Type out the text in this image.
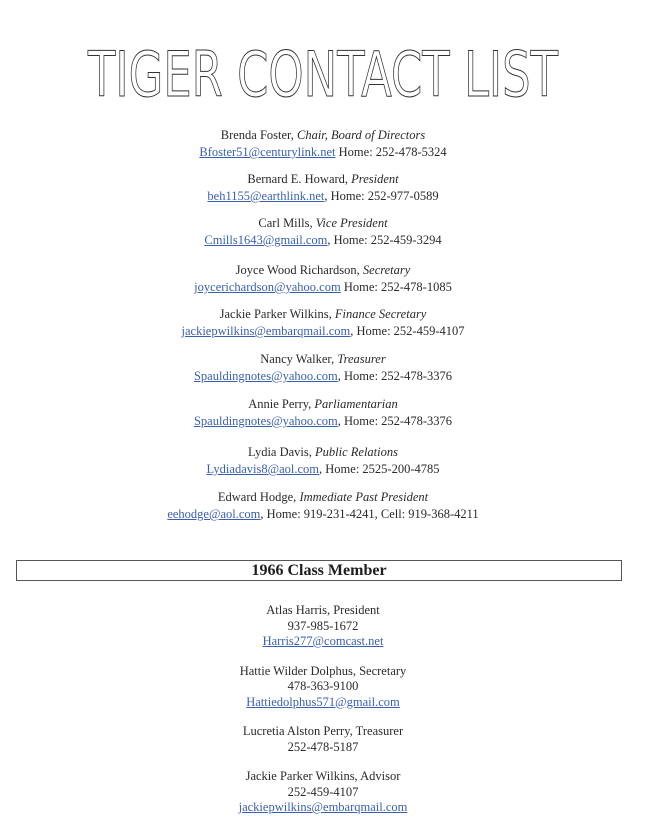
TIGER CONTACT LIST
Brenda Foster, Chair, Board of Directors
Bfoster51@centurylink.net Home: 252-478-5324
Bernard E. Howard, President
beh1155@earthlink.net, Home: 252-977-0589
Carl Mills, Vice President
Cmills1643@gmail.com, Home: 252-459-3294
Joyce Wood Richardson, Secretary
joycerichardson@yahoo.com Home: 252-478-1085
Jackie Parker Wilkins, Finance Secretary
jackiepwilkins@embarqmail.com, Home: 252-459-4107
Nancy Walker, Treasurer
Spauldingnotes@yahoo.com, Home: 252-478-3376
Annie Perry, Parliamentarian
Spauldingnotes@yahoo.com, Home: 252-478-3376
Lydia Davis, Public Relations
Lydiadavis8@aol.com, Home: 2525-200-4785
Edward Hodge, Immediate Past President
eehodge@aol.com, Home: 919-231-4241, Cell: 919-368-4211
1966 Class Member
Atlas Harris, President
937-985-1672
Harris277@comcast.net
Hattie Wilder Dolphus, Secretary
478-363-9100
Hattiedolphus571@gmail.com
Lucretia Alston Perry, Treasurer
252-478-5187
Jackie Parker Wilkins, Advisor
252-459-4107
jackiepwilkins@embarqmail.com
